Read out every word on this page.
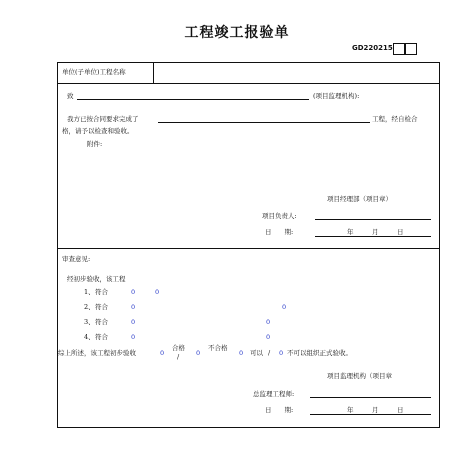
工程竣工报验单
GD220215
单位(子单位)工程名称
致	(项目监理机构):
我方已按合同要求完成了	工程，经自检合
格，请予以检查和验收。
附件:
项目经理部（项目章）
项目负责人:
日　　期:	年	月	日
审查意见:
经初步验收，该工程
1、 符合	0	0
2、 符合	0	0
3、 符合	0	0
4、 符合	0	0
综上所述，该工程初步验收	0
合格
/	0
不合格
0 可以 / 0 不可以组织正式验收。
项目监理机构（项目章
总监理工程师:
日　　期:	年	月	日
